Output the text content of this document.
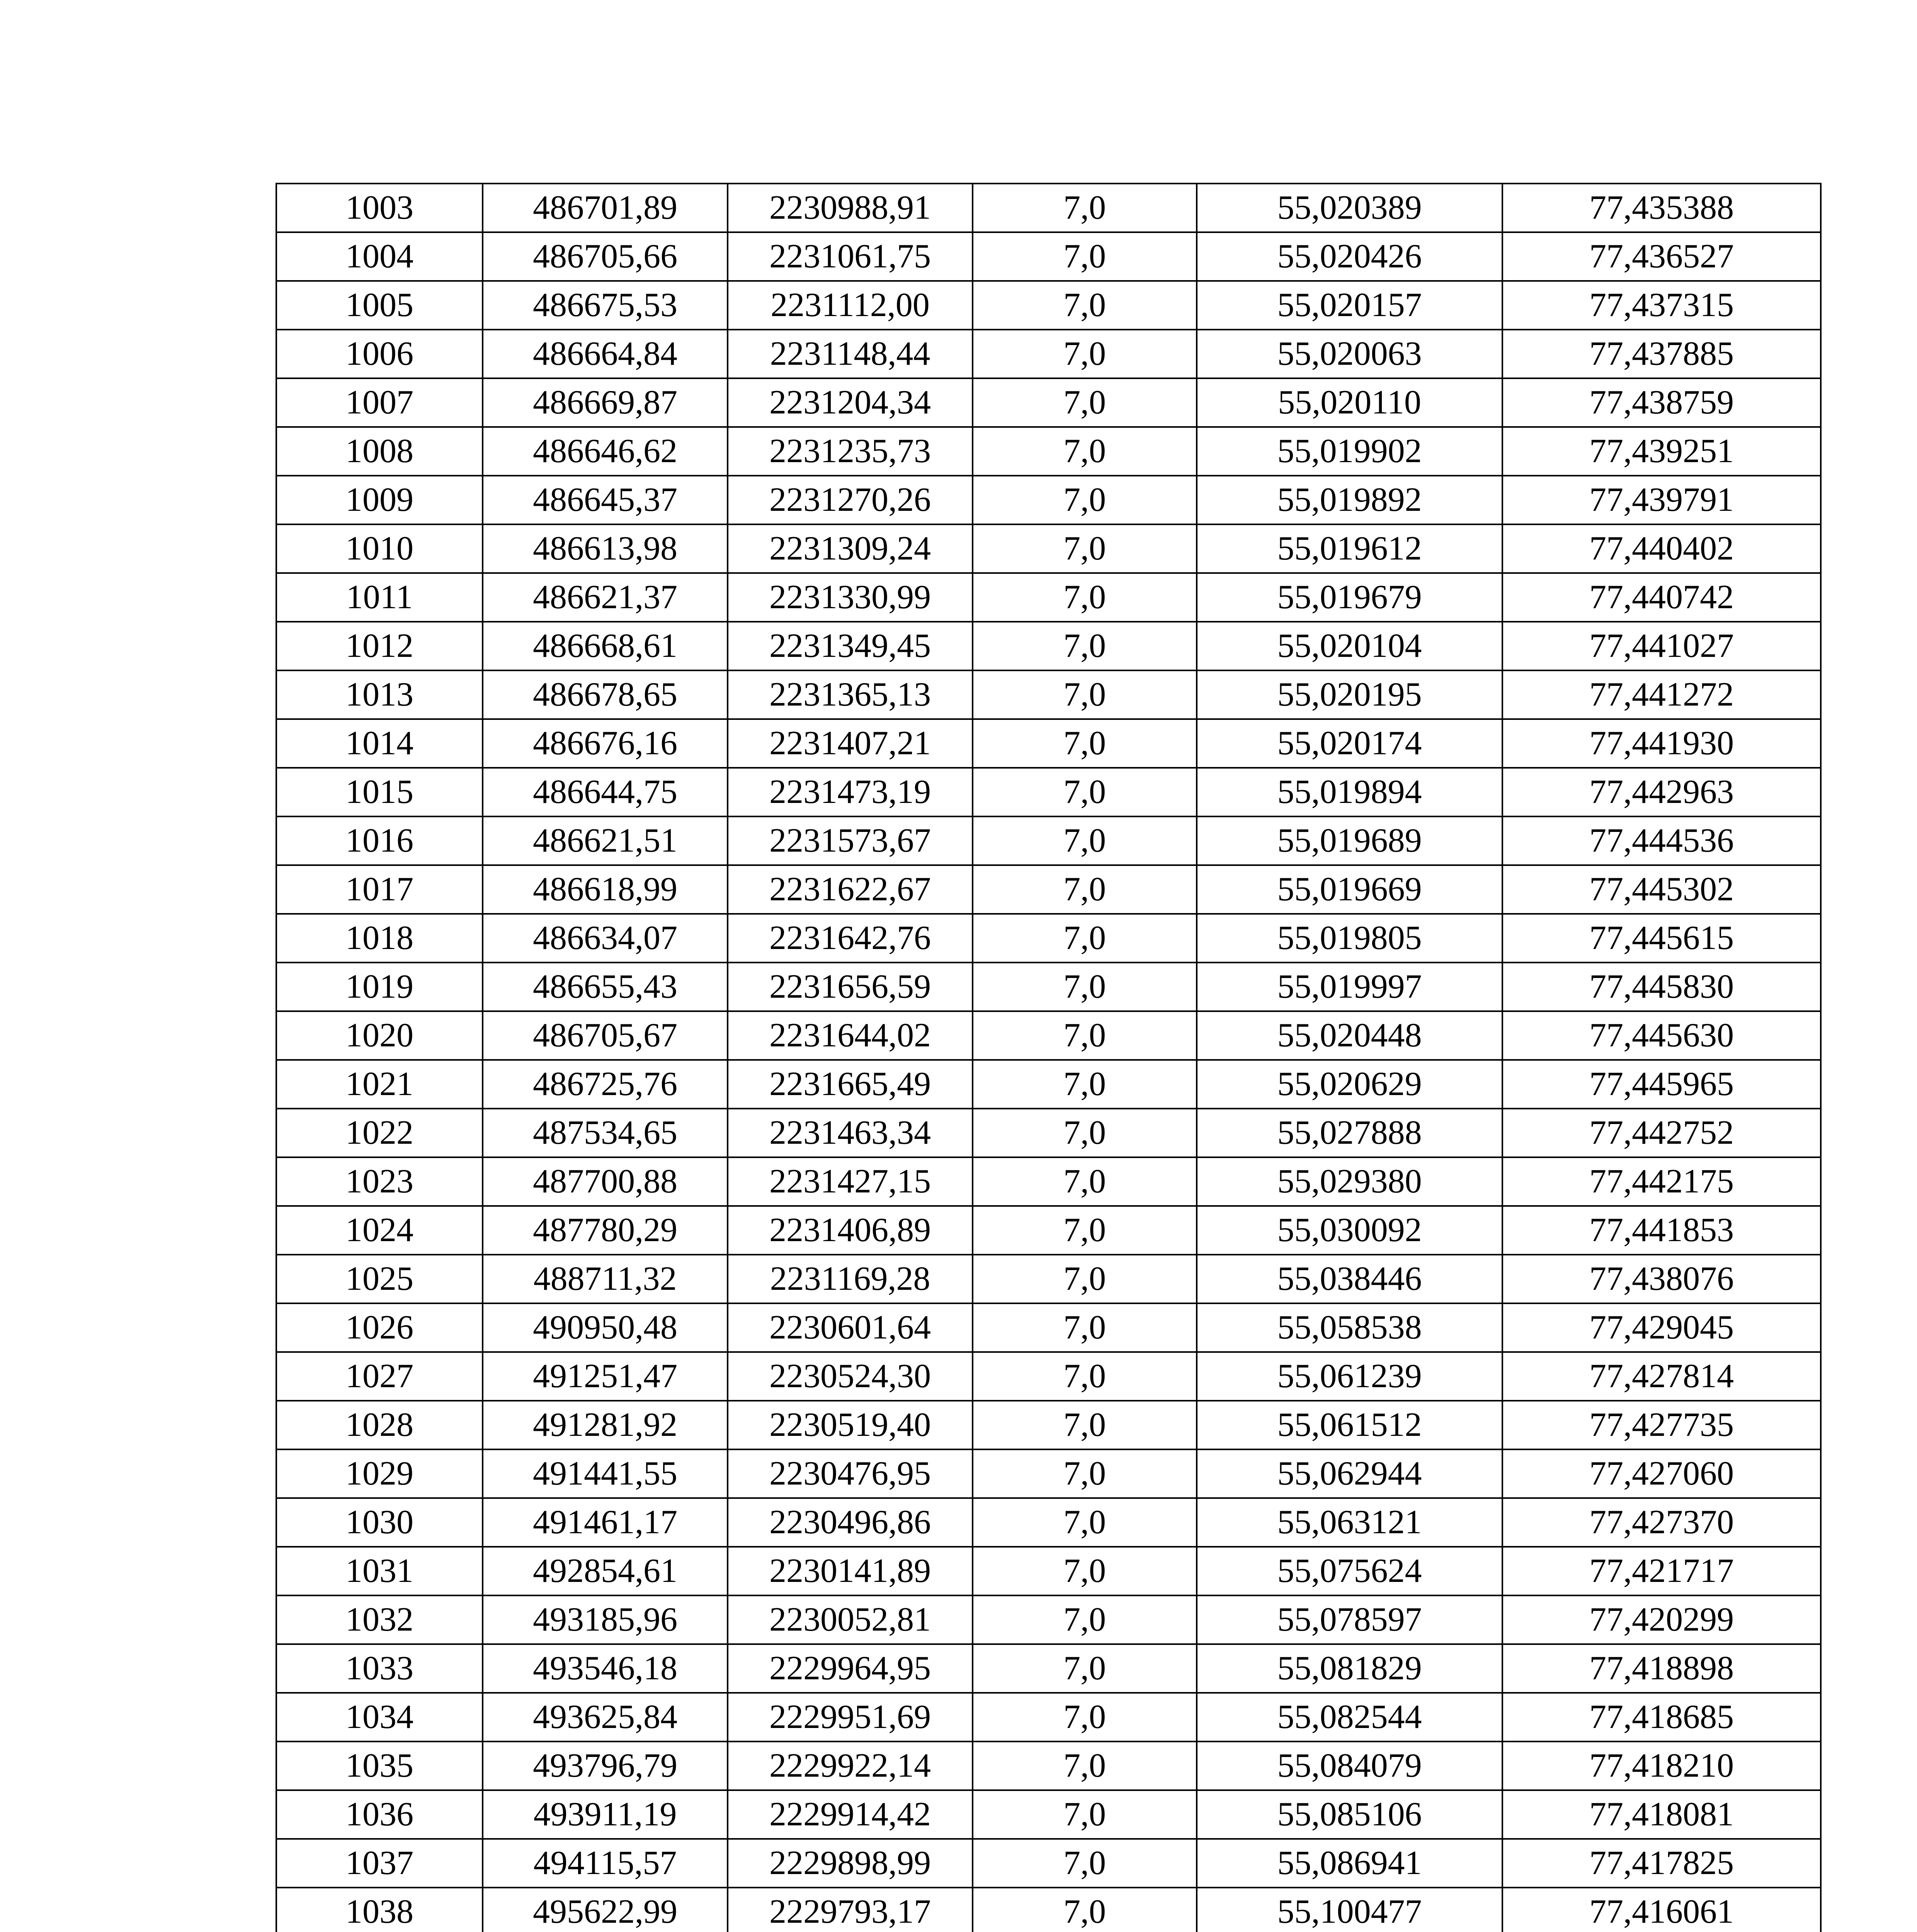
1003	486701,89	2230988,91	7,0	55,020389	77,435388
1004	486705,66	2231061,75	7,0	55,020426	77,436527
1005	486675,53	2231112,00	7,0	55,020157	77,437315
1006	486664,84	2231148,44	7,0	55,020063	77,437885
1007	486669,87	2231204,34	7,0	55,020110	77,438759
1008	486646,62	2231235,73	7,0	55,019902	77,439251
1009	486645,37	2231270,26	7,0	55,019892	77,439791
1010	486613,98	2231309,24	7,0	55,019612	77,440402
1011	486621,37	2231330,99	7,0	55,019679	77,440742
1012	486668,61	2231349,45	7,0	55,020104	77,441027
1013	486678,65	2231365,13	7,0	55,020195	77,441272
1014	486676,16	2231407,21	7,0	55,020174	77,441930
1015	486644,75	2231473,19	7,0	55,019894	77,442963
1016	486621,51	2231573,67	7,0	55,019689	77,444536
1017	486618,99	2231622,67	7,0	55,019669	77,445302
1018	486634,07	2231642,76	7,0	55,019805	77,445615
1019	486655,43	2231656,59	7,0	55,019997	77,445830
1020	486705,67	2231644,02	7,0	55,020448	77,445630
1021	486725,76	2231665,49	7,0	55,020629	77,445965
1022	487534,65	2231463,34	7,0	55,027888	77,442752
1023	487700,88	2231427,15	7,0	55,029380	77,442175
1024	487780,29	2231406,89	7,0	55,030092	77,441853
1025	488711,32	2231169,28	7,0	55,038446	77,438076
1026	490950,48	2230601,64	7,0	55,058538	77,429045
1027	491251,47	2230524,30	7,0	55,061239	77,427814
1028	491281,92	2230519,40	7,0	55,061512	77,427735
1029	491441,55	2230476,95	7,0	55,062944	77,427060
1030	491461,17	2230496,86	7,0	55,063121	77,427370
1031	492854,61	2230141,89	7,0	55,075624	77,421717
1032	493185,96	2230052,81	7,0	55,078597	77,420299
1033	493546,18	2229964,95	7,0	55,081829	77,418898
1034	493625,84	2229951,69	7,0	55,082544	77,418685
1035	493796,79	2229922,14	7,0	55,084079	77,418210
1036	493911,19	2229914,42	7,0	55,085106	77,418081
1037	494115,57	2229898,99	7,0	55,086941	77,417825
1038	495622,99	2229793,17	7,0	55,100477	77,416061
